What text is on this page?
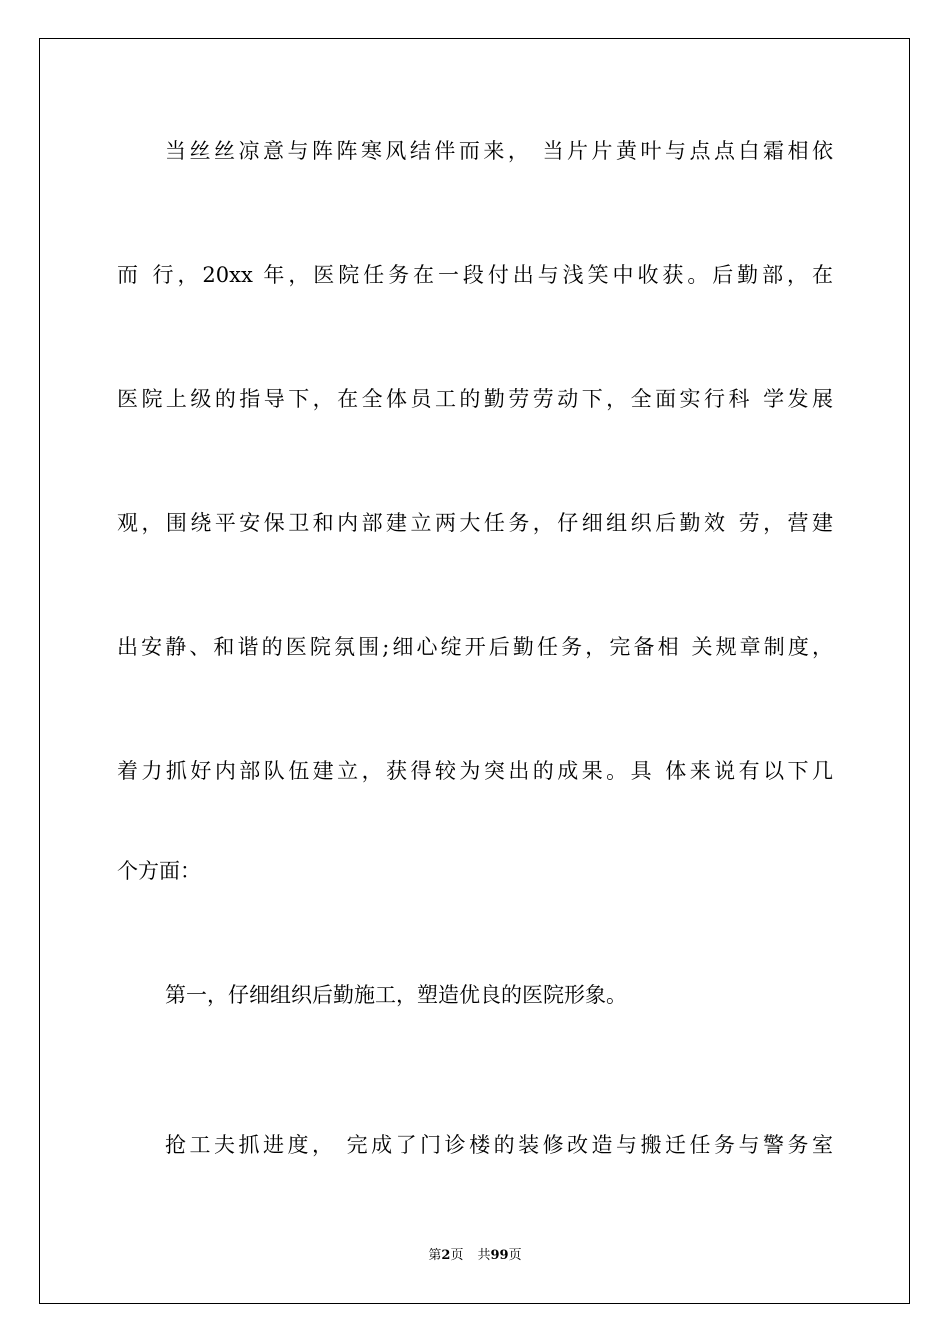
当丝丝凉意与阵阵寒风结伴而来， 当片片黄叶与点点白霜相依
而 行，20xx 年，医院任务在一段付出与浅笑中收获。后勤部，在
医院上级的指导下，在全体员工的勤劳劳动下，全面实行科 学发展
观，围绕平安保卫和内部建立两大任务，仔细组织后勤效 劳，营建
出安静、和谐的医院氛围;细心绽开后勤任务，完备相 关规章制度，
着力抓好内部队伍建立，获得较为突出的成果。具 体来说有以下几
个方面：
第一，仔细组织后勤施工，塑造优良的医院形象。
抢工夫抓进度， 完成了门诊楼的装修改造与搬迁任务与警务室
第2页 共99页
